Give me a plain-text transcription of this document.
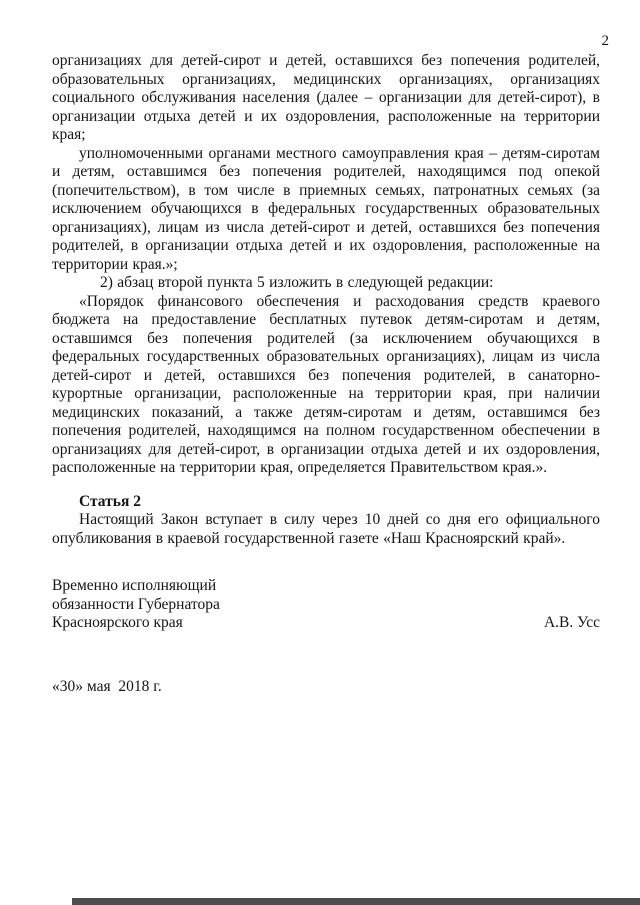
2

организациях для детей-сирот и детей, оставшихся без попечения родителей, образовательных организациях, медицинских организациях, организациях социального обслуживания населения (далее – организации для детей-сирот), в организации отдыха детей и их оздоровления, расположенные на территории края;

уполномоченными органами местного самоуправления края – детям-сиротам и детям, оставшимся без попечения родителей, находящимся под опекой (попечительством), в том числе в приемных семьях, патронатных семьях (за исключением обучающихся в федеральных государственных образовательных организациях), лицам из числа детей-сирот и детей, оставшихся без попечения родителей, в организации отдыха детей и их оздоровления, расположенные на территории края.»;

2) абзац второй пункта 5 изложить в следующей редакции:

«Порядок финансового обеспечения и расходования средств краевого бюджета на предоставление бесплатных путевок детям-сиротам и детям, оставшимся без попечения родителей (за исключением обучающихся в федеральных государственных образовательных организациях), лицам из числа детей-сирот и детей, оставшихся без попечения родителей, в санаторно-курортные организации, расположенные на территории края, при наличии медицинских показаний, а также детям-сиротам и детям, оставшимся без попечения родителей, находящимся на полном государственном обеспечении в организациях для детей-сирот, в организации отдыха детей и их оздоровления, расположенные на территории края, определяется Правительством края.».

Статья 2

Настоящий Закон вступает в силу через 10 дней со дня его официального опубликования в краевой государственной газете «Наш Красноярский край».

Временно исполняющий
обязанности Губернатора
Красноярского края	А.В. Усс

«30» мая  2018 г.
